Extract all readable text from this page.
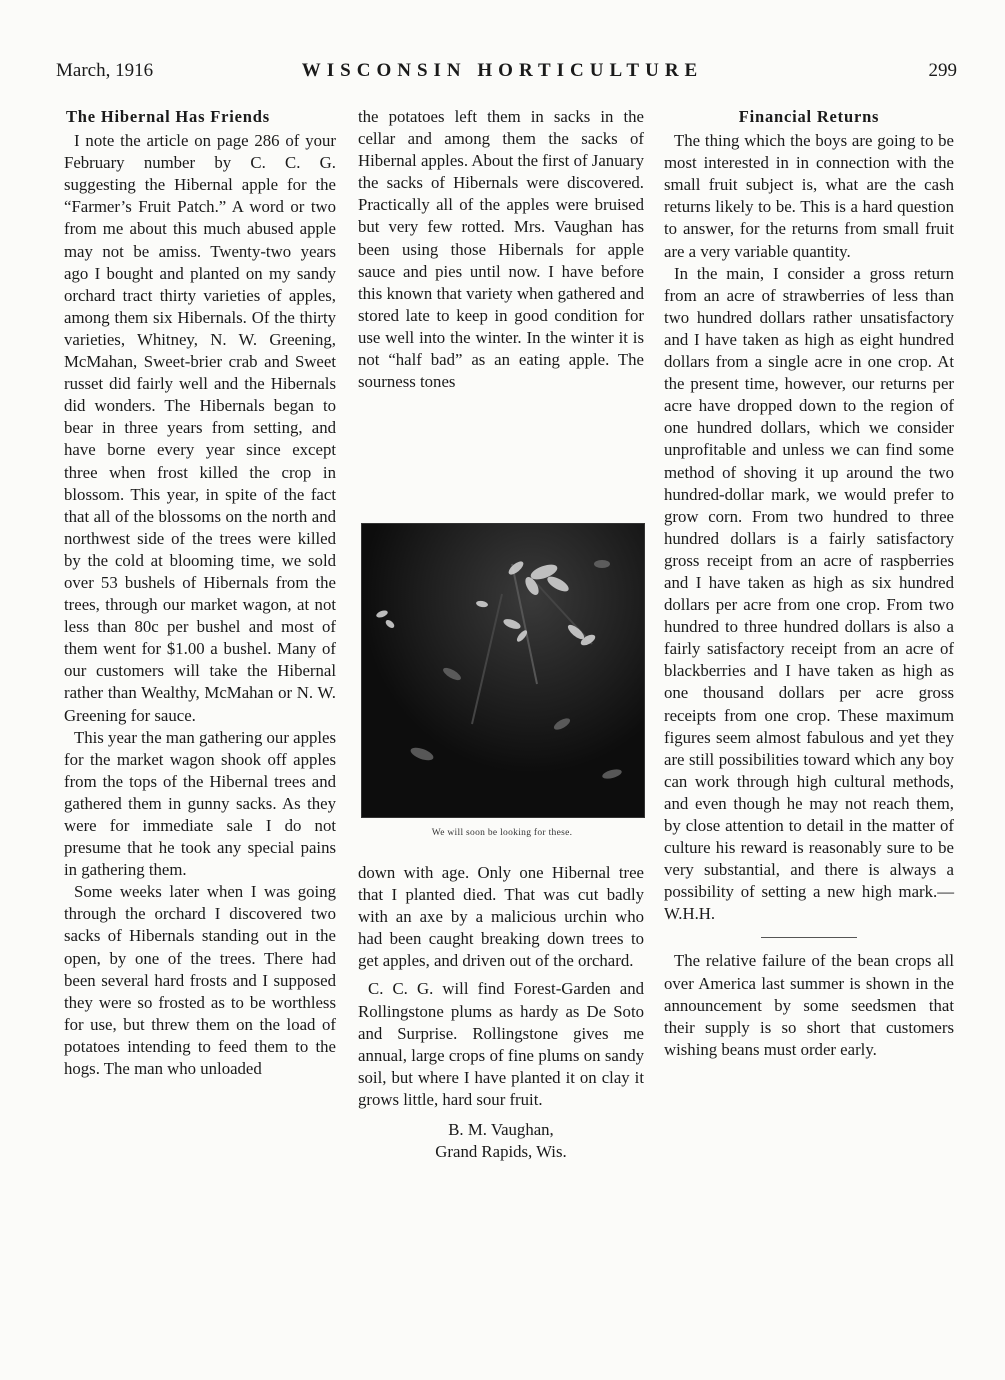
March, 1916	WISCONSIN HORTICULTURE	299
The Hibernal Has Friends

I note the article on page 286 of your February number by C. C. G. suggesting the Hibernal apple for the “Farmer’s Fruit Patch.” A word or two from me about this much abused apple may not be amiss. Twenty-two years ago I bought and planted on my sandy orchard tract thirty varieties of apples, among them six Hibernals. Of the thirty varieties, Whitney, N. W. Greening, McMahan, Sweet-brier crab and Sweet russet did fairly well and the Hibernals did wonders. The Hibernals began to bear in three years from setting, and have borne every year since except three when frost killed the crop in blossom. This year, in spite of the fact that all of the blossoms on the north and northwest side of the trees were killed by the cold at blooming time, we sold over 53 bushels of Hibernals from the trees, through our market wagon, at not less than 80c per bushel and most of them went for $1.00 a bushel. Many of our customers will take the Hibernal rather than Wealthy, McMahan or N. W. Greening for sauce.

This year the man gathering our apples for the market wagon shook off apples from the tops of the Hibernal trees and gathered them in gunny sacks. As they were for immediate sale I do not presume that he took any special pains in gathering them.

Some weeks later when I was going through the orchard I discovered two sacks of Hibernals standing out in the open, by one of the trees. There had been several hard frosts and I supposed they were so frosted as to be worthless for use, but threw them on the load of potatoes intending to feed them to the hogs. The man who unloaded

the potatoes left them in sacks in the cellar and among them the sacks of Hibernal apples. About the first of January the sacks of Hibernals were discovered. Practically all of the apples were bruised but very few rotted. Mrs. Vaughan has been using those Hibernals for apple sauce and pies until now. I have before this known that variety when gathered and stored late to keep in good condition for use well into the winter. In the winter it is not “half bad” as an eating apple. The sourness tones

We will soon be looking for these.

down with age. Only one Hibernal tree that I planted died. That was cut badly with an axe by a malicious urchin who had been caught breaking down trees to get apples, and driven out of the orchard.

C. C. G. will find Forest-Garden and Rollingstone plums as hardy as De Soto and Surprise. Rollingstone gives me annual, large crops of fine plums on sandy soil, but where I have planted it on clay it grows little, hard sour fruit.

B. M. Vaughan,

Grand Rapids, Wis.

Financial Returns

The thing which the boys are going to be most interested in in connection with the small fruit subject is, what are the cash returns likely to be. This is a hard question to answer, for the returns from small fruit are a very variable quantity.

In the main, I consider a gross return from an acre of strawberries of less than two hundred dollars rather unsatisfactory and I have taken as high as eight hundred dollars from a single acre in one crop. At the present time, however, our returns per acre have dropped down to the region of one hundred dollars, which we consider unprofitable and unless we can find some method of shoving it up around the two hundred-dollar mark, we would prefer to grow corn. From two hundred to three hundred dollars is a fairly satisfactory gross receipt from an acre of raspberries and I have taken as high as six hundred dollars per acre from one crop. From two hundred to three hundred dollars is also a fairly satisfactory receipt from an acre of blackberries and I have taken as high as one thousand dollars per acre gross receipts from one crop. These maximum figures seem almost fabulous and yet they are still possibilities toward which any boy can work through high cultural methods, and even though he may not reach them, by close attention to detail in the matter of culture his reward is reasonably sure to be very substantial, and there is always a possibility of setting a new high mark.—W.H.H.

The relative failure of the bean crops all over America last summer is shown in the announcement by some seedsmen that their supply is so short that customers wishing beans must order early.
